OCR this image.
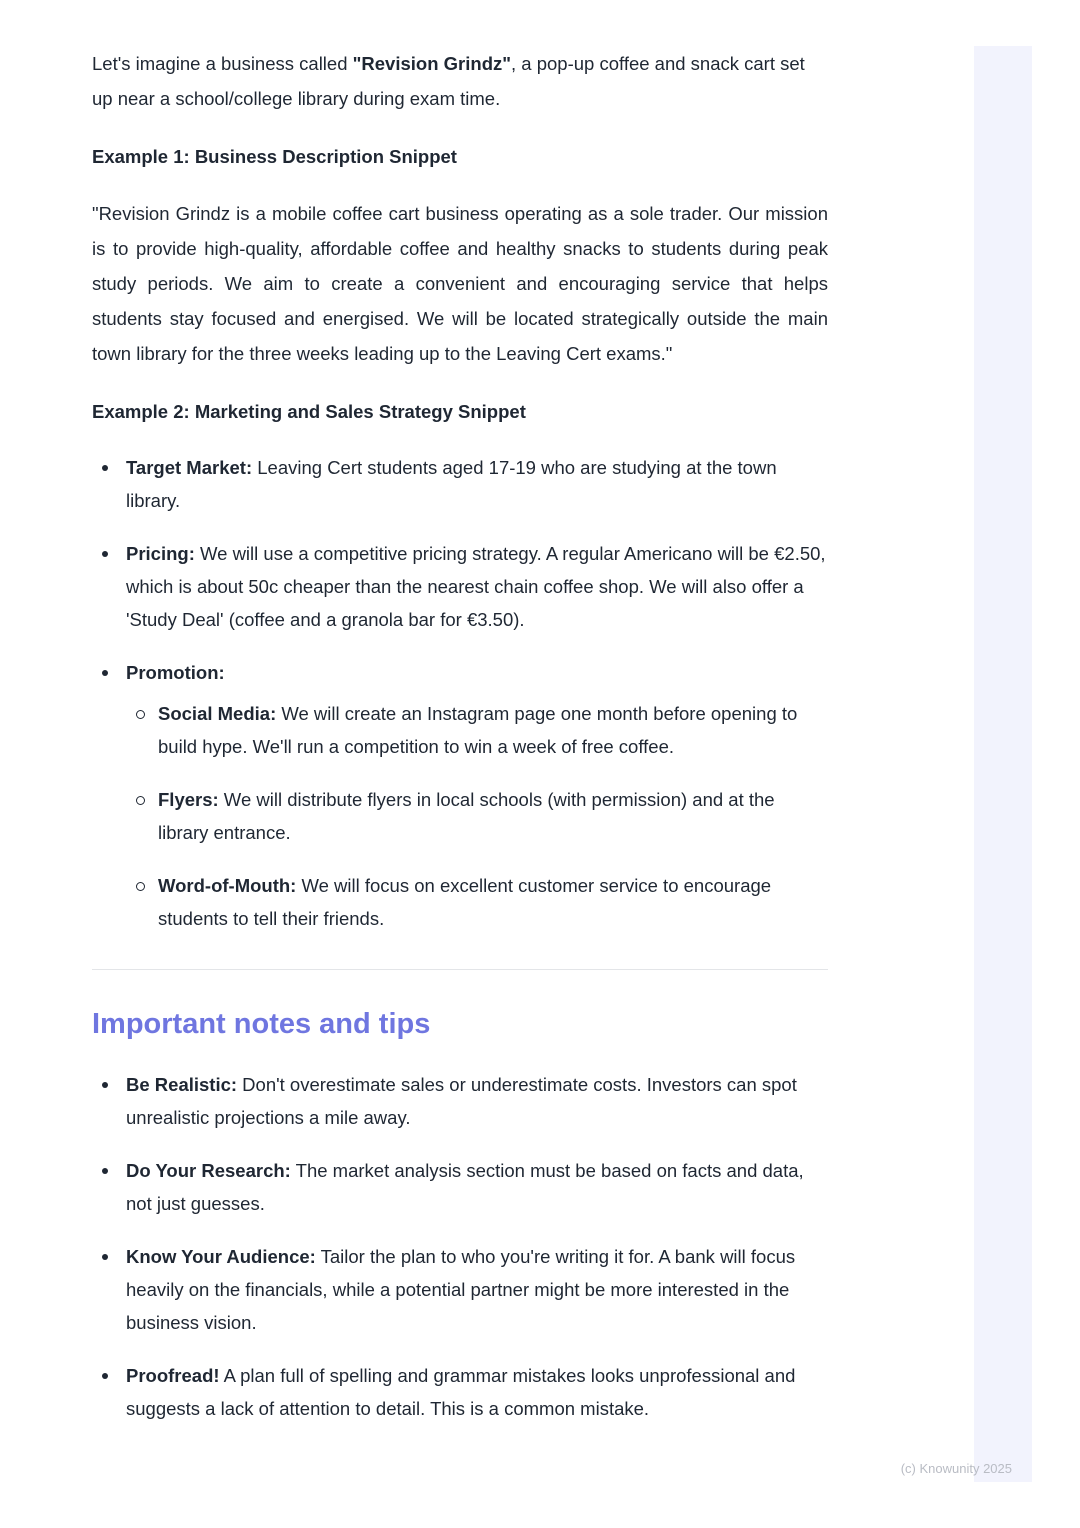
Let's imagine a business called "Revision Grindz", a pop-up coffee and snack cart set up near a school/college library during exam time.

Example 1: Business Description Snippet

"Revision Grindz is a mobile coffee cart business operating as a sole trader. Our mission is to provide high-quality, affordable coffee and healthy snacks to students during peak study periods. We aim to create a convenient and encouraging service that helps students stay focused and energised. We will be located strategically outside the main town library for the three weeks leading up to the Leaving Cert exams."

Example 2: Marketing and Sales Strategy Snippet
Target Market: Leaving Cert students aged 17-19 who are studying at the town library.
Pricing: We will use a competitive pricing strategy. A regular Americano will be €2.50, which is about 50c cheaper than the nearest chain coffee shop. We will also offer a 'Study Deal' (coffee and a granola bar for €3.50).
Promotion:
Social Media: We will create an Instagram page one month before opening to build hype. We'll run a competition to win a week of free coffee.
Flyers: We will distribute flyers in local schools (with permission) and at the library entrance.
Word-of-Mouth: We will focus on excellent customer service to encourage students to tell their friends.
Important notes and tips
Be Realistic: Don't overestimate sales or underestimate costs. Investors can spot unrealistic projections a mile away.
Do Your Research: The market analysis section must be based on facts and data, not just guesses.
Know Your Audience: Tailor the plan to who you're writing it for. A bank will focus heavily on the financials, while a potential partner might be more interested in the business vision.
Proofread! A plan full of spelling and grammar mistakes looks unprofessional and suggests a lack of attention to detail. This is a common mistake.
(c) Knowunity 2025
